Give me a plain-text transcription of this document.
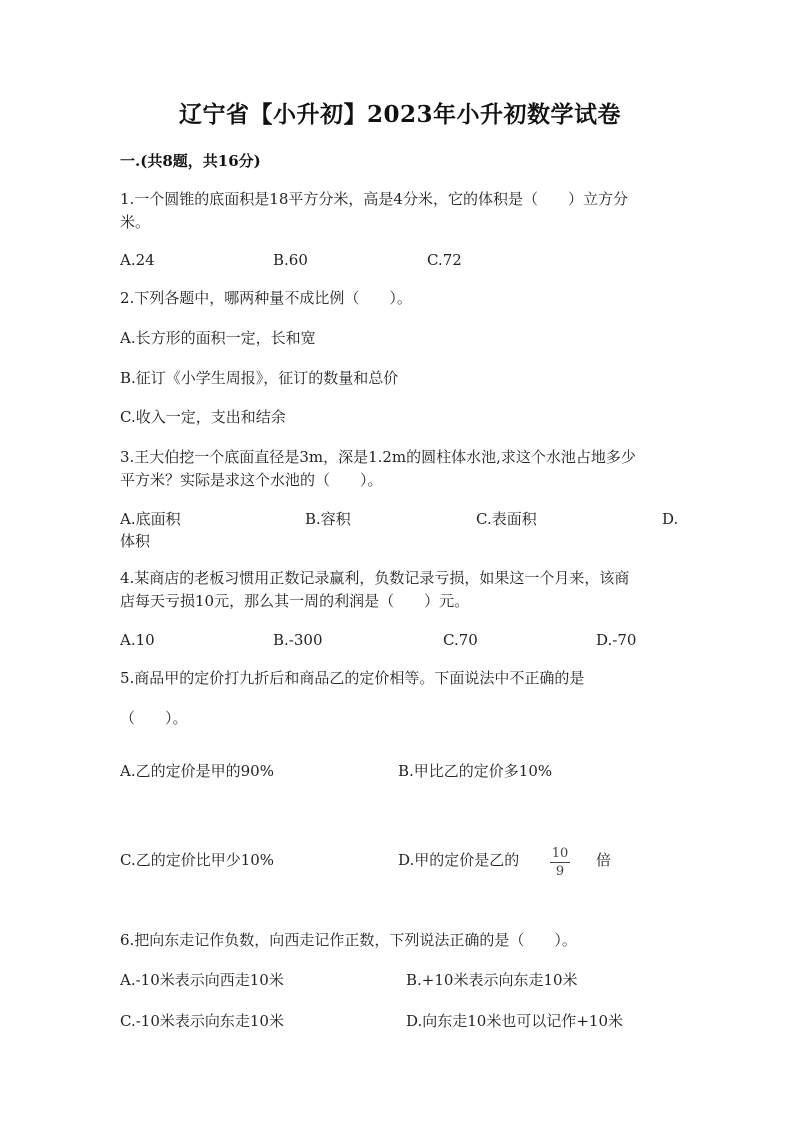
辽宁省【小升初】2023年小升初数学试卷
一.(共8题，共16分)
1.一个圆锥的底面积是18平方分米，高是4分米，它的体积是（　　）立方分
米。
A.24	B.60	C.72
2.下列各题中，哪两种量不成比例（　　）。
A.长方形的面积一定，长和宽
B.征订《小学生周报》，征订的数量和总价
C.收入一定，支出和结余
3.王大伯挖一个底面直径是3m，深是1.2m的圆柱体水池,求这个水池占地多少
平方米？实际是求这个水池的（　　）。
A.底面积	B.容积	C.表面积	D.
体积
4.某商店的老板习惯用正数记录赢利，负数记录亏损，如果这一个月来，该商
店每天亏损10元，那么其一周的利润是（　　）元。
A.10	B.-300	C.70	D.-70
5.商品甲的定价打九折后和商品乙的定价相等。下面说法中不正确的是
（　　）。
A.乙的定价是甲的90%	B.甲比乙的定价多10%
C.乙的定价比甲少10%	D.甲的定价是乙的 10
9
倍
6.把向东走记作负数，向西走记作正数，下列说法正确的是（　　）。
A.-10米表示向西走10米	B.+10米表示向东走10米
C.-10米表示向东走10米	D.向东走10米也可以记作+10米
